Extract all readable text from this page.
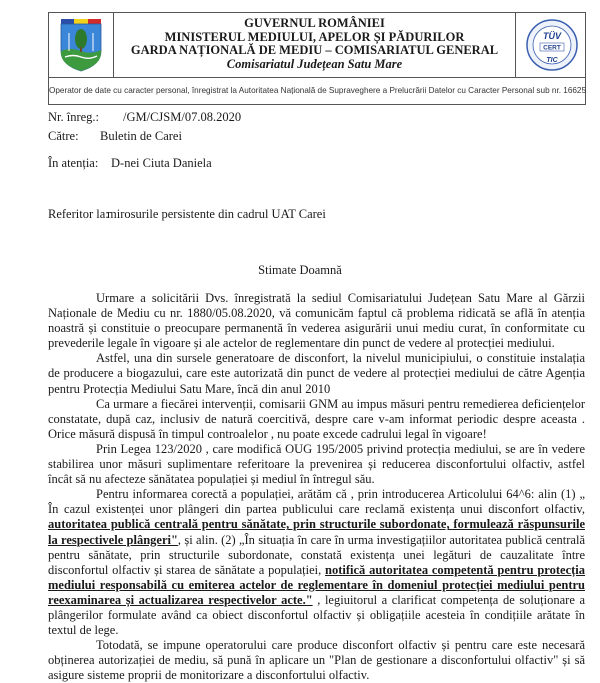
GUVERNUL ROMÂNIEI
MINISTERUL MEDIULUI, APELOR ȘI PĂDURILOR
GARDA NAȚIONALĂ DE MEDIU – COMISARIATUL GENERAL
Comisariatul Județean Satu Mare
TÜV
CERT
TIC
Operator de date cu caracter personal, înregistrat la Autoritatea Națională de Supraveghere a Prelucrării Datelor cu Caracter Personal sub nr. 16625
Nr. înreg.: /GM/CJSM/07.08.2020
Către: Buletin de Carei
În atenția: D-nei Ciuta Daniela
Referitor la:
mirosurile persistente din cadrul UAT Carei
Stimate Doamnă

Urmare a solicitării Dvs. înregistrată la sediul Comisariatului Județean Satu Mare al Gărzii Naționale de Mediu cu nr. 1880/05.08.2020, vă comunicăm faptul că problema ridicată se află în atenția noastră și constituie o preocupare permanentă în vederea asigurării unui mediu curat, în conformitate cu prevederile legale în vigoare și ale actelor de reglementare din punct de vedere al protecției mediului.

Astfel, una din sursele generatoare de disconfort, la nivelul municipiului, o constituie instalația de producere a biogazului, care este autorizată din punct de vedere al protecției mediului de către Agenția pentru Protecția Mediului Satu Mare, încă din anul 2010

Ca urmare a fiecărei intervenții, comisarii GNM au impus măsuri pentru remedierea deficiențelor constatate, după caz, inclusiv de natură coercitivă, despre care v-am informat periodic despre aceasta . Orice măsură dispusă în timpul controalelor , nu poate excede cadrului legal în vigoare!

Prin Legea 123/2020 , care modifică OUG 195/2005 privind protecția mediului, se are în vedere stabilirea unor măsuri suplimentare referitoare la prevenirea și reducerea disconfortului olfactiv, astfel încât să nu afecteze sănătatea populației și mediul în întregul său.

Pentru informarea corectă a populației, arătăm că , prin introducerea Articolului 64^6: alin (1) „ În cazul existenței unor plângeri din partea publicului care reclamă existența unui disconfort olfactiv, autoritatea publică centrală pentru sănătate, prin structurile subordonate, formulează răspunsurile la respectivele plângeri", și alin. (2) „În situația în care în urma investigațiilor autoritatea publică centrală pentru sănătate, prin structurile subordonate, constată existența unei legături de cauzalitate între disconfortul olfactiv și starea de sănătate a populației, notifică autoritatea competentă pentru protecția mediului responsabilă cu emiterea actelor de reglementare în domeniul protecției mediului pentru reexaminarea și actualizarea respectivelor acte." , legiuitorul a clarificat competența de soluționare a plângerilor formulate având ca obiect disconfortul olfactiv și obligațiile acesteia în condițiile arătate în textul de lege.

Totodată, se impune operatorului care produce disconfort olfactiv și pentru care este necesară obținerea autorizației de mediu, să pună în aplicare un "Plan de gestionare a disconfortului olfactiv" și să asigure sisteme proprii de monitorizare a disconfortului olfactiv.
